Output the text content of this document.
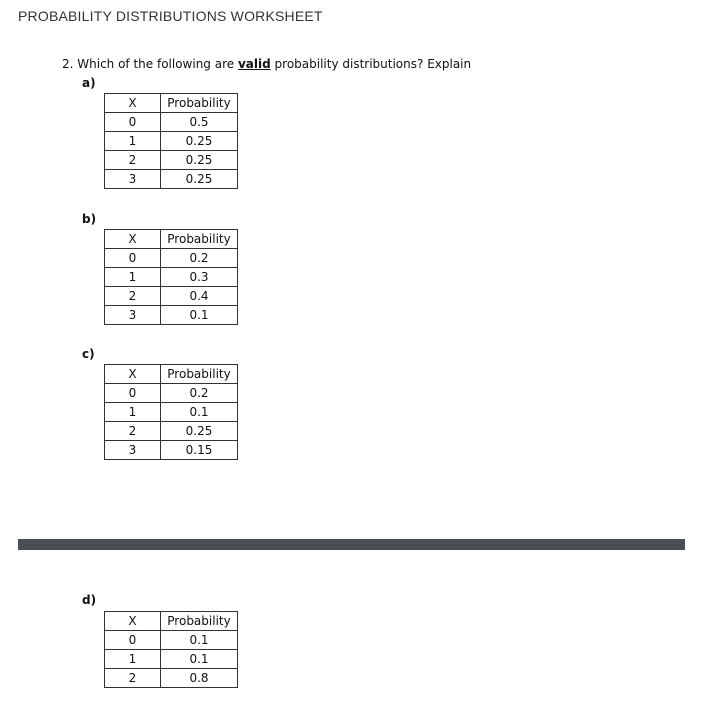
PROBABILITY DISTRIBUTIONS WORKSHEET
2. Which of the following are valid probability distributions? Explain
a)
X	Probability
0	0.5
1	0.25
2	0.25
3	0.25
b)
X	Probability
0	0.2
1	0.3
2	0.4
3	0.1
c)
X	Probability
0	0.2
1	0.1
2	0.25
3	0.15
d)
X	Probability
0	0.1
1	0.1
2	0.8
